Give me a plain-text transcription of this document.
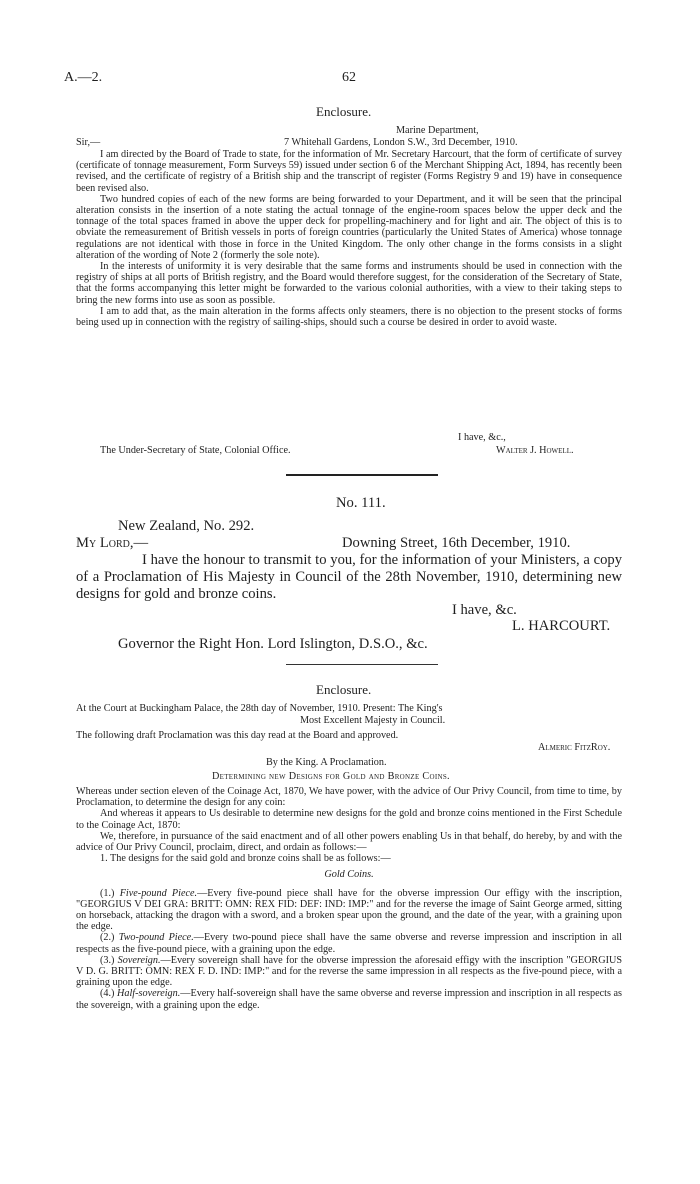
A.—2.	62
Enclosure.
Marine Department,
Sir,—	7 Whitehall Gardens, London S.W., 3rd December, 1910.

I am directed by the Board of Trade to state, for the information of Mr. Secretary Harcourt, that the form of certificate of survey (certificate of tonnage measurement, Form Surveys 59) issued under section 6 of the Merchant Shipping Act, 1894, has recently been revised, and the certificate of registry of a British ship and the transcript of register (Forms Registry 9 and 19) have in consequence been revised also.

Two hundred copies of each of the new forms are being forwarded to your Department, and it will be seen that the principal alteration consists in the insertion of a note stating the actual tonnage of the engine-room spaces below the upper deck and the tonnage of the total spaces framed in above the upper deck for propelling-machinery and for light and air. The object of this is to obviate the remeasurement of British vessels in ports of foreign countries (particularly the United States of America) whose tonnage regulations are not identical with those in force in the United Kingdom. The only other change in the forms consists in a slight alteration of the wording of Note 2 (formerly the sole note).

In the interests of uniformity it is very desirable that the same forms and instruments should be used in connection with the registry of ships at all ports of British registry, and the Board would therefore suggest, for the consideration of the Secretary of State, that the forms accompanying this letter might be forwarded to the various colonial authorities, with a view to their taking steps to bring the new forms into use as soon as possible.

I am to add that, as the main alteration in the forms affects only steamers, there is no objection to the present stocks of forms being used up in connection with the registry of sailing-ships, should such a course be desired in order to avoid waste.

I have, &c.,
The Under-Secretary of State, Colonial Office.	Walter J. Howell.
No. 111.
New Zealand, No. 292.
My Lord,—	Downing Street, 16th December, 1910.

I have the honour to transmit to you, for the information of your Ministers, a copy of a Proclamation of His Majesty in Council of the 28th November, 1910, determining new designs for gold and bronze coins.

I have, &c.
L. HARCOURT.
Governor the Right Hon. Lord Islington, D.S.O., &c.
Enclosure.
At the Court at Buckingham Palace, the 28th day of November, 1910. Present: The King's
Most Excellent Majesty in Council.
The following draft Proclamation was this day read at the Board and approved.
Almeric FitzRoy.
By the King. A Proclamation.
Determining new Designs for Gold and Bronze Coins.

Whereas under section eleven of the Coinage Act, 1870, We have power, with the advice of Our Privy Council, from time to time, by Proclamation, to determine the design for any coin:

And whereas it appears to Us desirable to determine new designs for the gold and bronze coins mentioned in the First Schedule to the Coinage Act, 1870:

We, therefore, in pursuance of the said enactment and of all other powers enabling Us in that behalf, do hereby, by and with the advice of Our Privy Council, proclaim, direct, and ordain as follows:—

1. The designs for the said gold and bronze coins shall be as follows:—

Gold Coins.

(1.) Five-pound Piece.—Every five-pound piece shall have for the obverse impression Our effigy with the inscription, "GEORGIUS V DEI GRA: BRITT: OMN: REX FID: DEF: IND: IMP:" and for the reverse the image of Saint George armed, sitting on horseback, attacking the dragon with a sword, and a broken spear upon the ground, and the date of the year, with a graining upon the edge.

(2.) Two-pound Piece.—Every two-pound piece shall have the same obverse and reverse impression and inscription in all respects as the five-pound piece, with a graining upon the edge.

(3.) Sovereign.—Every sovereign shall have for the obverse impression the aforesaid effigy with the inscription "GEORGIUS V D. G. BRITT: OMN: REX F. D. IND: IMP:" and for the reverse the same impression in all respects as the five-pound piece, with a graining upon the edge.

(4.) Half-sovereign.—Every half-sovereign shall have the same obverse and reverse impression and inscription in all respects as the sovereign, with a graining upon the edge.
